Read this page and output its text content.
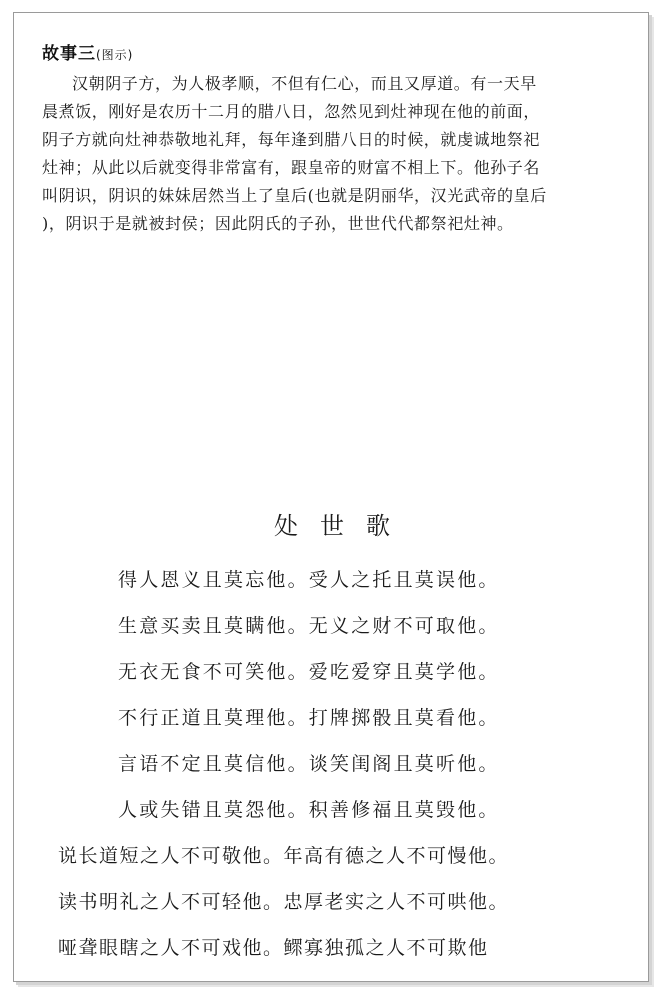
故事三(图示)
汉朝阴子方，为人极孝顺，不但有仁心，而且又厚道。有一天早
晨煮饭，刚好是农历十二月的腊八日，忽然见到灶神现在他的前面，
阴子方就向灶神恭敬地礼拜，每年逢到腊八日的时候，就虔诚地祭祀
灶神；从此以后就变得非常富有，跟皇帝的财富不相上下。他孙子名
叫阴识，阴识的妹妹居然当上了皇后(也就是阴丽华，汉光武帝的皇后
)，阴识于是就被封侯；因此阴氏的子孙，世世代代都祭祀灶神。
处世歌
得人恩义且莫忘他。受人之托且莫误他。
生意买卖且莫瞒他。无义之财不可取他。
无衣无食不可笑他。爱吃爱穿且莫学他。
不行正道且莫理他。打牌掷骰且莫看他。
言语不定且莫信他。谈笑闺阁且莫听他。
人或失错且莫怨他。积善修福且莫毁他。
说长道短之人不可敬他。年高有德之人不可慢他。
读书明礼之人不可轻他。忠厚老实之人不可哄他。
哑聋眼瞎之人不可戏他。鳏寡独孤之人不可欺他
